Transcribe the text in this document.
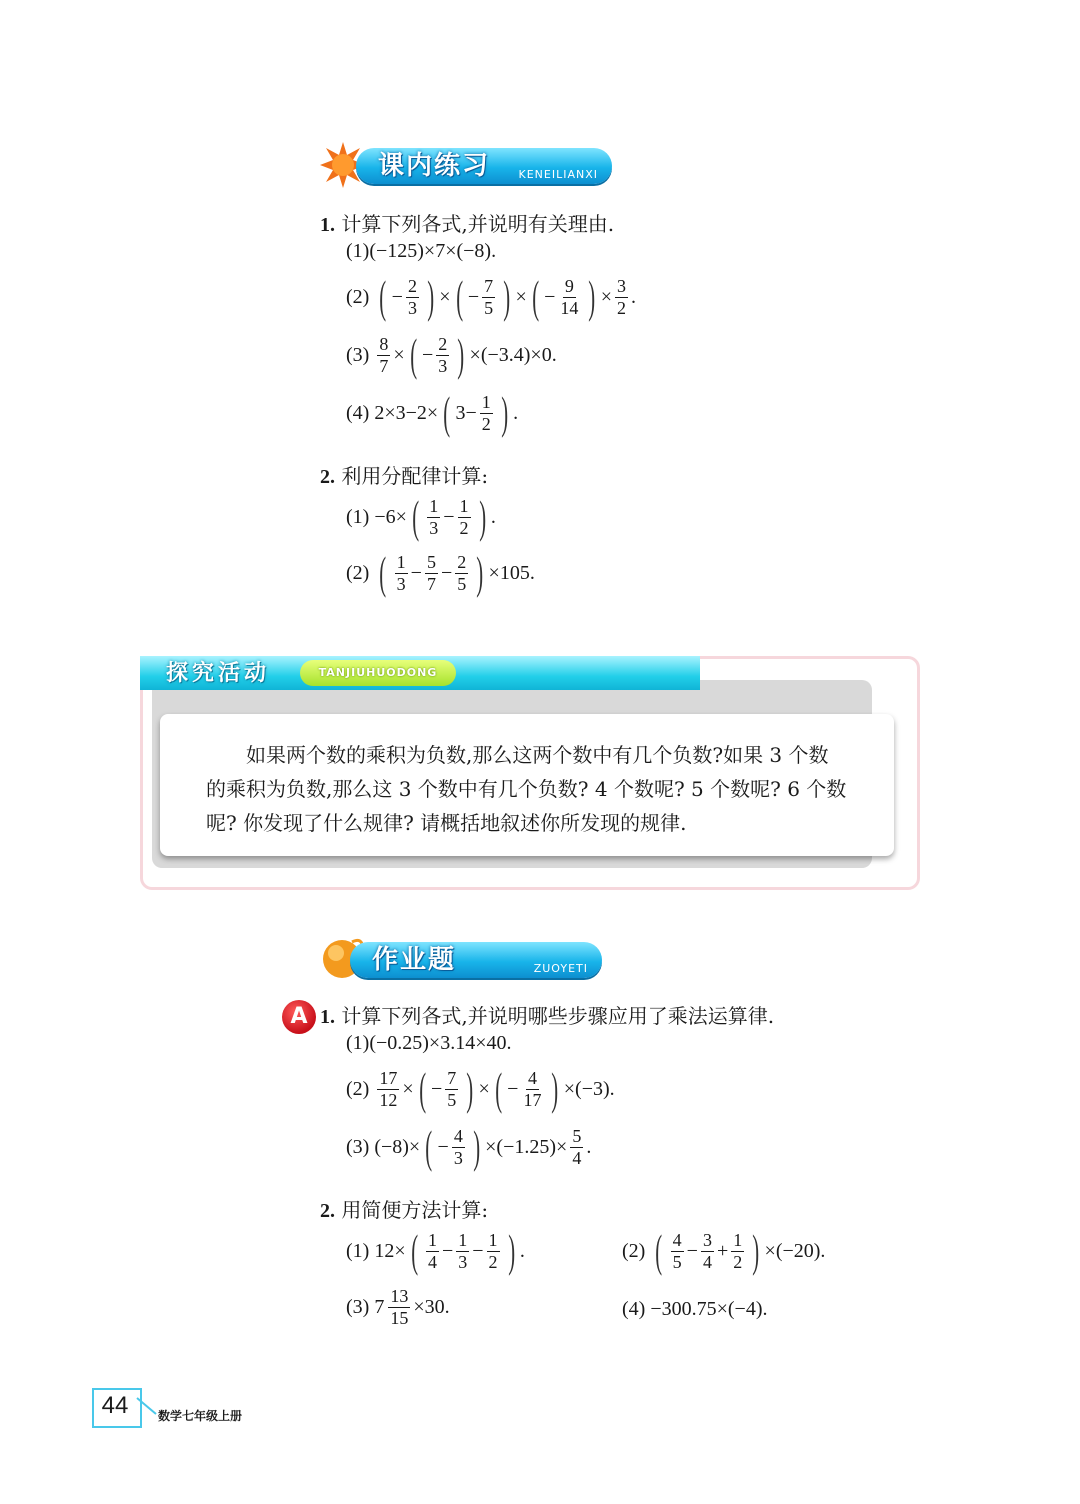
课内练习	KENEILIANXI
1. 计算下列各式,并说明有关理由.
(1)(−125)×7×(−8).
(2)
( − $\frac{2}{3}$ ) × ( − $\frac{7}{5}$ ) × ( − $\frac{9}{14}$ ) × $\frac{3}{2}$ .
(3)
$\frac{8}{7}$ × ( − $\frac{2}{3}$ ) ×(−3.4)×0.
(4)
2×3−2× ( $3- \frac{1}{2}$ ) .
2. 利用分配律计算:
(1)
−6× ( $\frac{1}{3} - \frac{1}{2}$ ) .
(2)
( $\frac{1}{3} - \frac{5}{7} - \frac{2}{5}$ ) ×105.
探究活动	TANJIUHUODONG
如果两个数的乘积为负数,那么这两个数中有几个负数?如果 3 个数
的乘积为负数,那么这 3 个数中有几个负数? 4 个数呢? 5 个数呢? 6 个数
呢? 你发现了什么规律? 请概括地叙述你所发现的规律.
作业题	ZUOYETI
A 1. 计算下列各式,并说明哪些步骤应用了乘法运算律.
(1)(−0.25)×3.14×40.
(2)
$\frac{17}{12}$ × ( − $\frac{7}{5}$ ) × ( − $\frac{4}{17}$ ) ×(−3).
(3)
(−8)× ( − $\frac{4}{3}$ ) $\times(-1.25)\times \frac{5}{4}$ .
2. 用简便方法计算:
(1)
12× ( $\frac{1}{4} - \frac{1}{3} - \frac{1}{2}$ ) .	(2)
( $\frac{4}{5} - \frac{3}{4} + \frac{1}{2}$ ) ×(−20).
(3)
$7 \frac{13}{15} \times 30$.	(4) −300.75×(−4).
44	数学七年级上册
